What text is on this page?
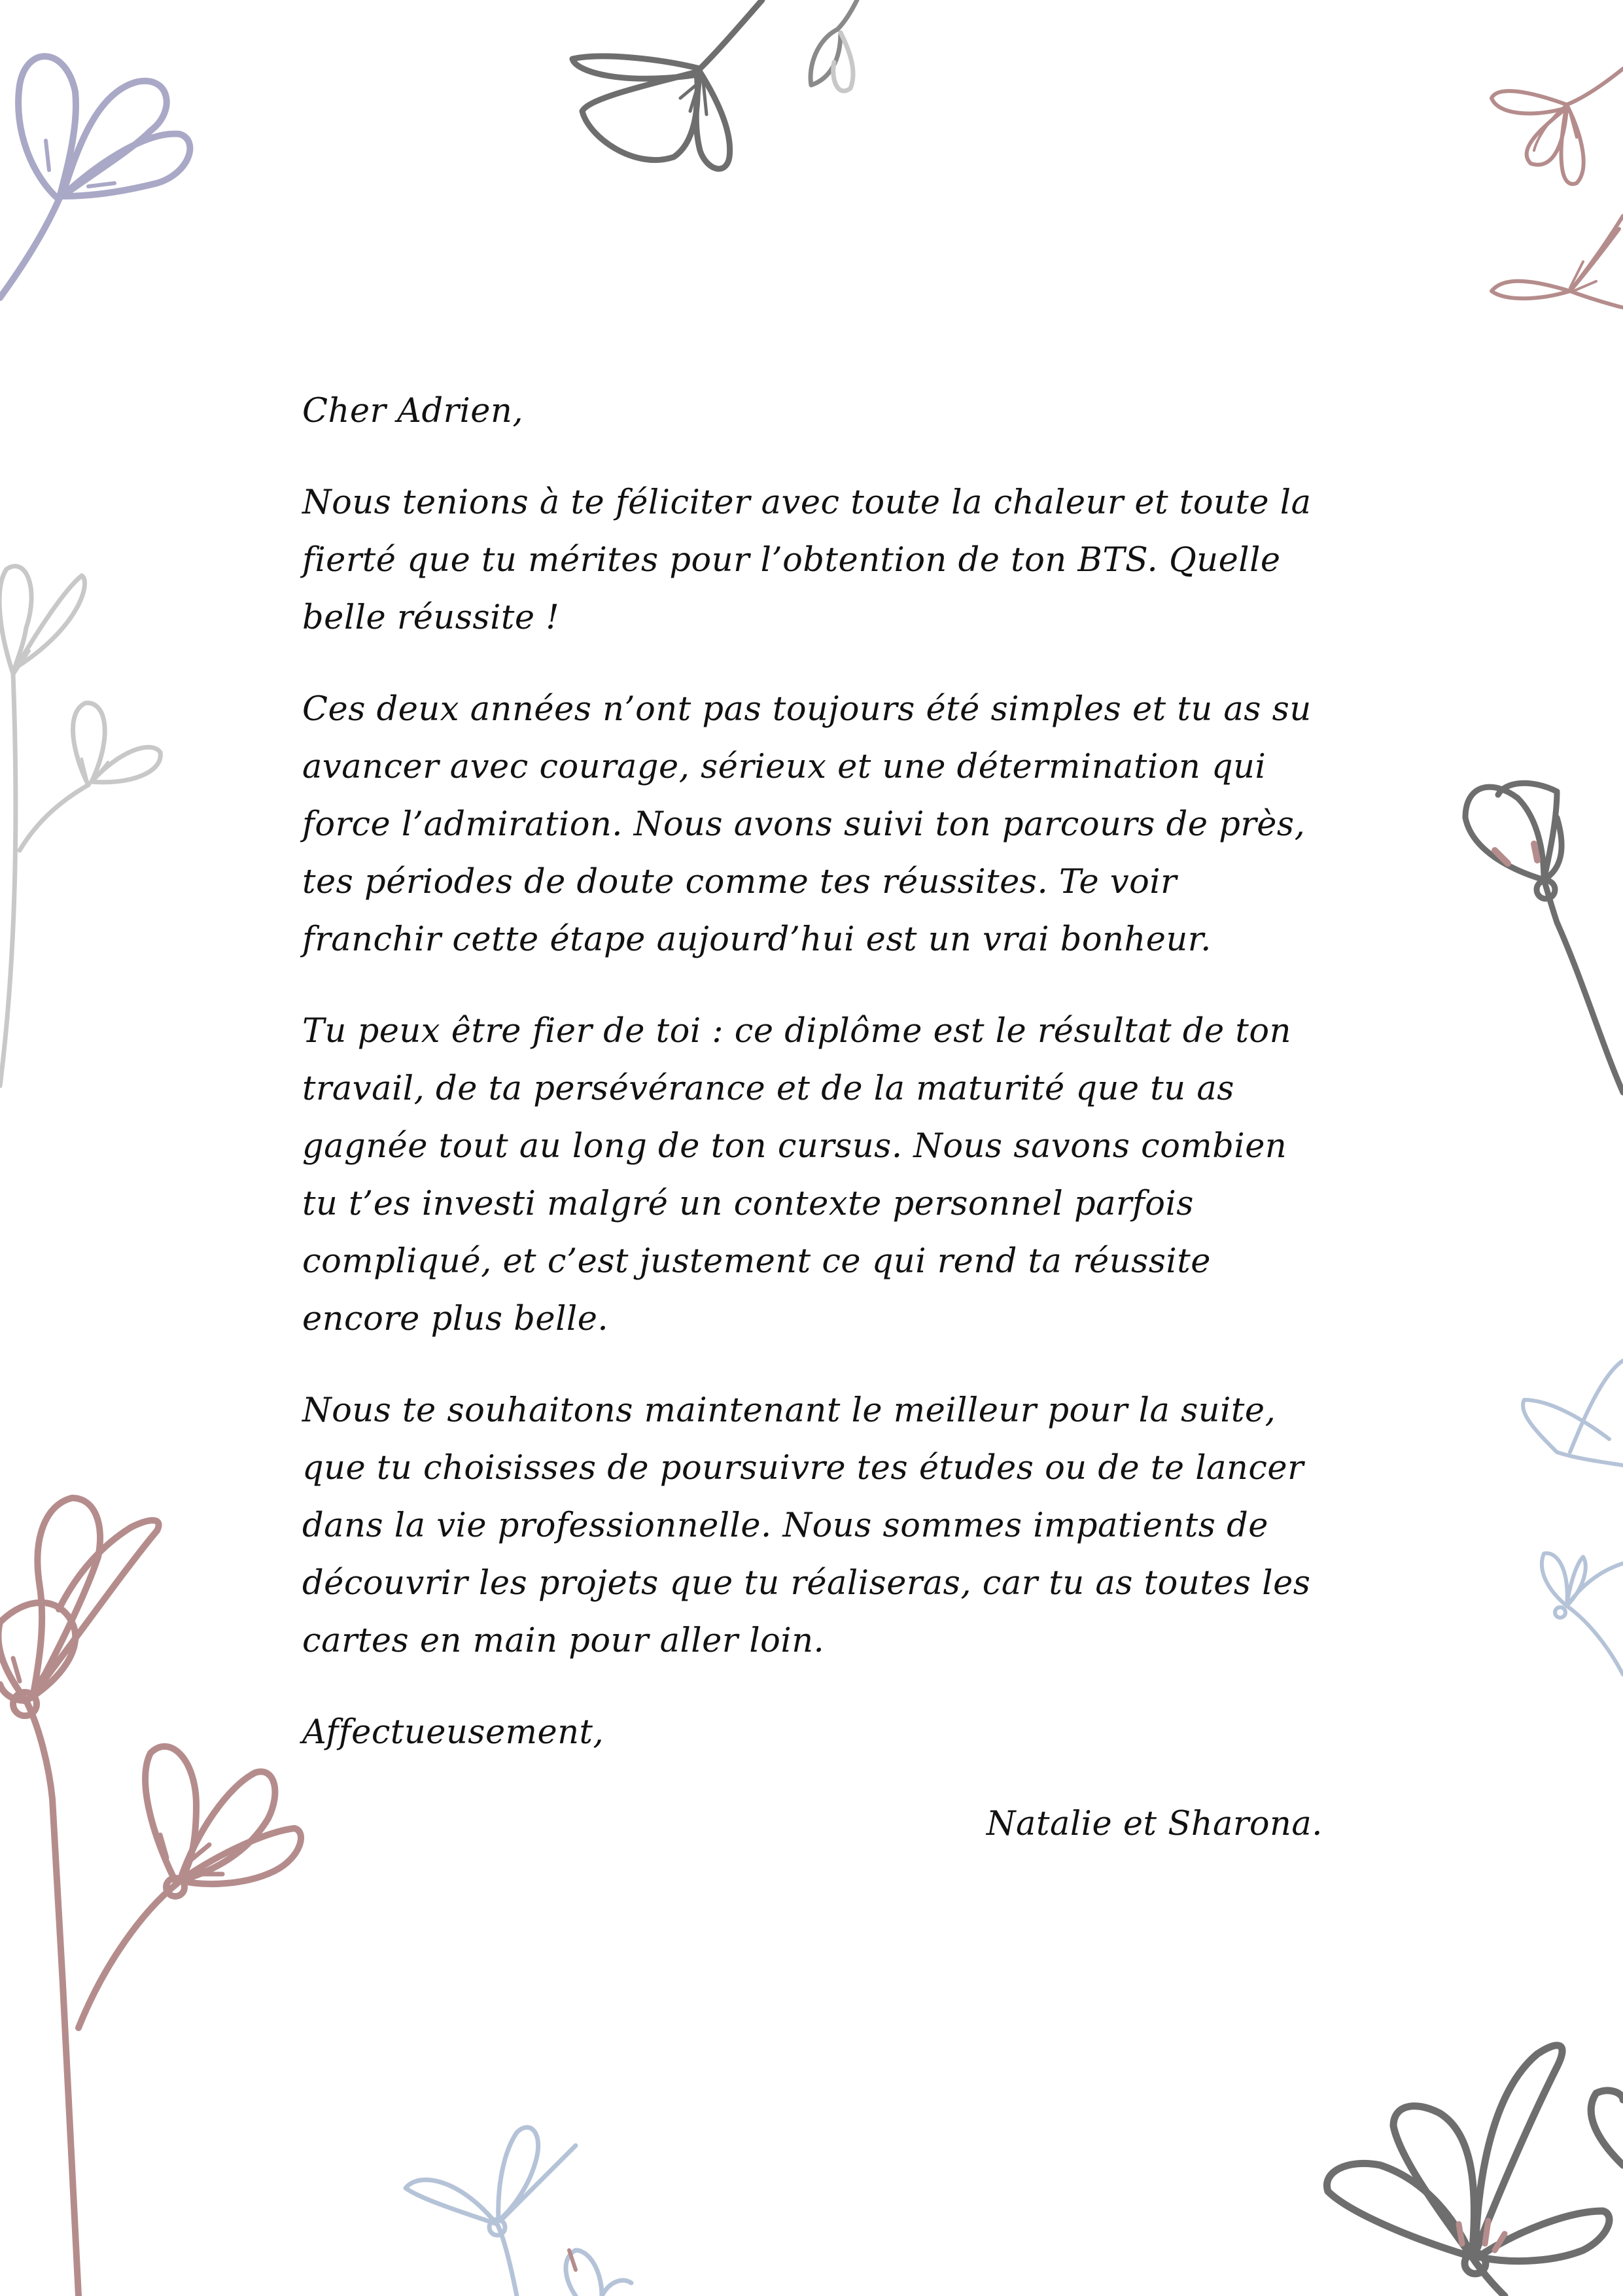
Cher Adrien,

Nous tenions à te féliciter avec toute la chaleur et toute la fierté que tu mérites pour l’obtention de ton BTS. Quelle belle réussite !

Ces deux années n’ont pas toujours été simples et tu as su avancer avec courage, sérieux et une détermination qui force l’admiration. Nous avons suivi ton parcours de près, tes périodes de doute comme tes réussites. Te voir franchir cette étape aujourd’hui est un vrai bonheur.

Tu peux être fier de toi : ce diplôme est le résultat de ton travail, de ta persévérance et de la maturité que tu as gagnée tout au long de ton cursus. Nous savons combien tu t’es investi malgré un contexte personnel parfois compliqué, et c’est justement ce qui rend ta réussite encore plus belle.

Nous te souhaitons maintenant le meilleur pour la suite, que tu choisisses de poursuivre tes études ou de te lancer dans la vie professionnelle. Nous sommes impatients de découvrir les projets que tu réaliseras, car tu as toutes les cartes en main pour aller loin.

Affectueusement,

Natalie et Sharona.
